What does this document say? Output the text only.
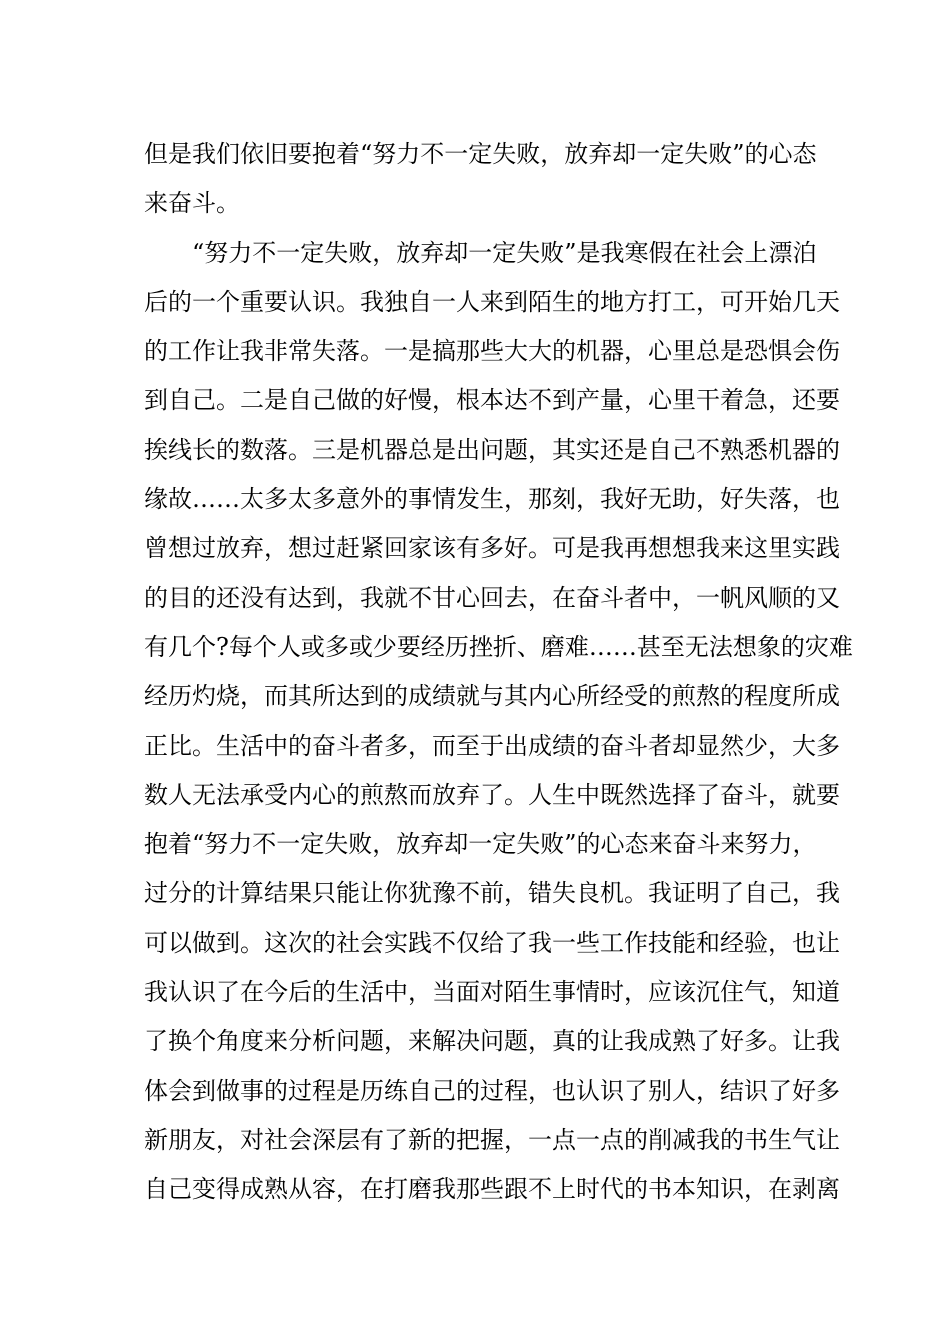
但是我们依旧要抱着“努力不一定失败，放弃却一定失败”的心态
来奋斗。
“努力不一定失败，放弃却一定失败”是我寒假在社会上漂泊
后的一个重要认识。我独自一人来到陌生的地方打工，可开始几天
的工作让我非常失落。一是搞那些大大的机器，心里总是恐惧会伤
到自己。二是自己做的好慢，根本达不到产量，心里干着急，还要
挨线长的数落。三是机器总是出问题，其实还是自己不熟悉机器的
缘故……太多太多意外的事情发生，那刻，我好无助，好失落，也
曾想过放弃，想过赶紧回家该有多好。可是我再想想我来这里实践
的目的还没有达到，我就不甘心回去，在奋斗者中，一帆风顺的又
有几个?每个人或多或少要经历挫折、磨难……甚至无法想象的灾难
经历灼烧，而其所达到的成绩就与其内心所经受的煎熬的程度所成
正比。生活中的奋斗者多，而至于出成绩的奋斗者却显然少，大多
数人无法承受内心的煎熬而放弃了。人生中既然选择了奋斗，就要
抱着“努力不一定失败，放弃却一定失败”的心态来奋斗来努力，
过分的计算结果只能让你犹豫不前，错失良机。我证明了自己，我
可以做到。这次的社会实践不仅给了我一些工作技能和经验，也让
我认识了在今后的生活中，当面对陌生事情时，应该沉住气，知道
了换个角度来分析问题，来解决问题，真的让我成熟了好多。让我
体会到做事的过程是历练自己的过程，也认识了别人，结识了好多
新朋友，对社会深层有了新的把握，一点一点的削减我的书生气让
自己变得成熟从容，在打磨我那些跟不上时代的书本知识，在剥离
